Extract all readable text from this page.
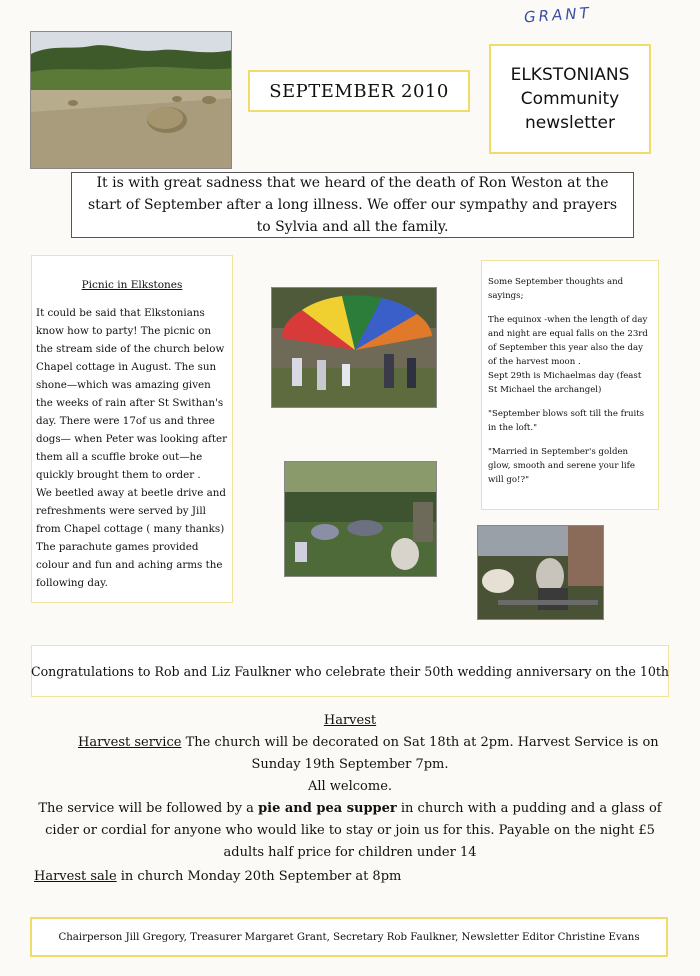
GRANT
SEPTEMBER 2010
ELKSTONIANS
Community
newsletter
It is with great sadness that we heard of the death of Ron Weston at the start of September after a long illness. We offer our sympathy and prayers to Sylvia and all the family.
Picnic in Elkstones

It could be said that Elkstonians know how to party! The picnic on the stream side of the church below Chapel cottage in August. The sun shone—which was amazing given the weeks of rain after St Swithan's day. There were 17of us and three dogs— when Peter was looking after them all a scuffle broke out—he quickly brought them to order .

We beetled away at beetle drive and refreshments were served by Jill from Chapel cottage ( many thanks)

The parachute games provided colour and fun and aching arms the following day.

Some September thoughts and sayings;

The equinox -when the length of day and night are equal falls on the 23rd of September this year also the day of the harvest moon .

Sept 29th is Michaelmas day (feast St Michael the archangel)

"September blows soft till the fruits in the loft."

"Married in September's golden glow, smooth and serene your life will go!?"

Congratulations to Rob and Liz Faulkner who celebrate their 50th wedding anniversary on the 10th
Harvest
Harvest service The church will be decorated on Sat 18th at 2pm. Harvest Service is on
Sunday 19th September 7pm.
All welcome.
The service will be followed by a pie and pea supper in church with a pudding and a glass of cider or cordial for anyone who would like to stay or join us for this. Payable on the night £5 adults half price for children under 14
Harvest sale in church Monday 20th September at 8pm
Chairperson Jill Gregory, Treasurer Margaret Grant, Secretary Rob Faulkner, Newsletter Editor Christine Evans
